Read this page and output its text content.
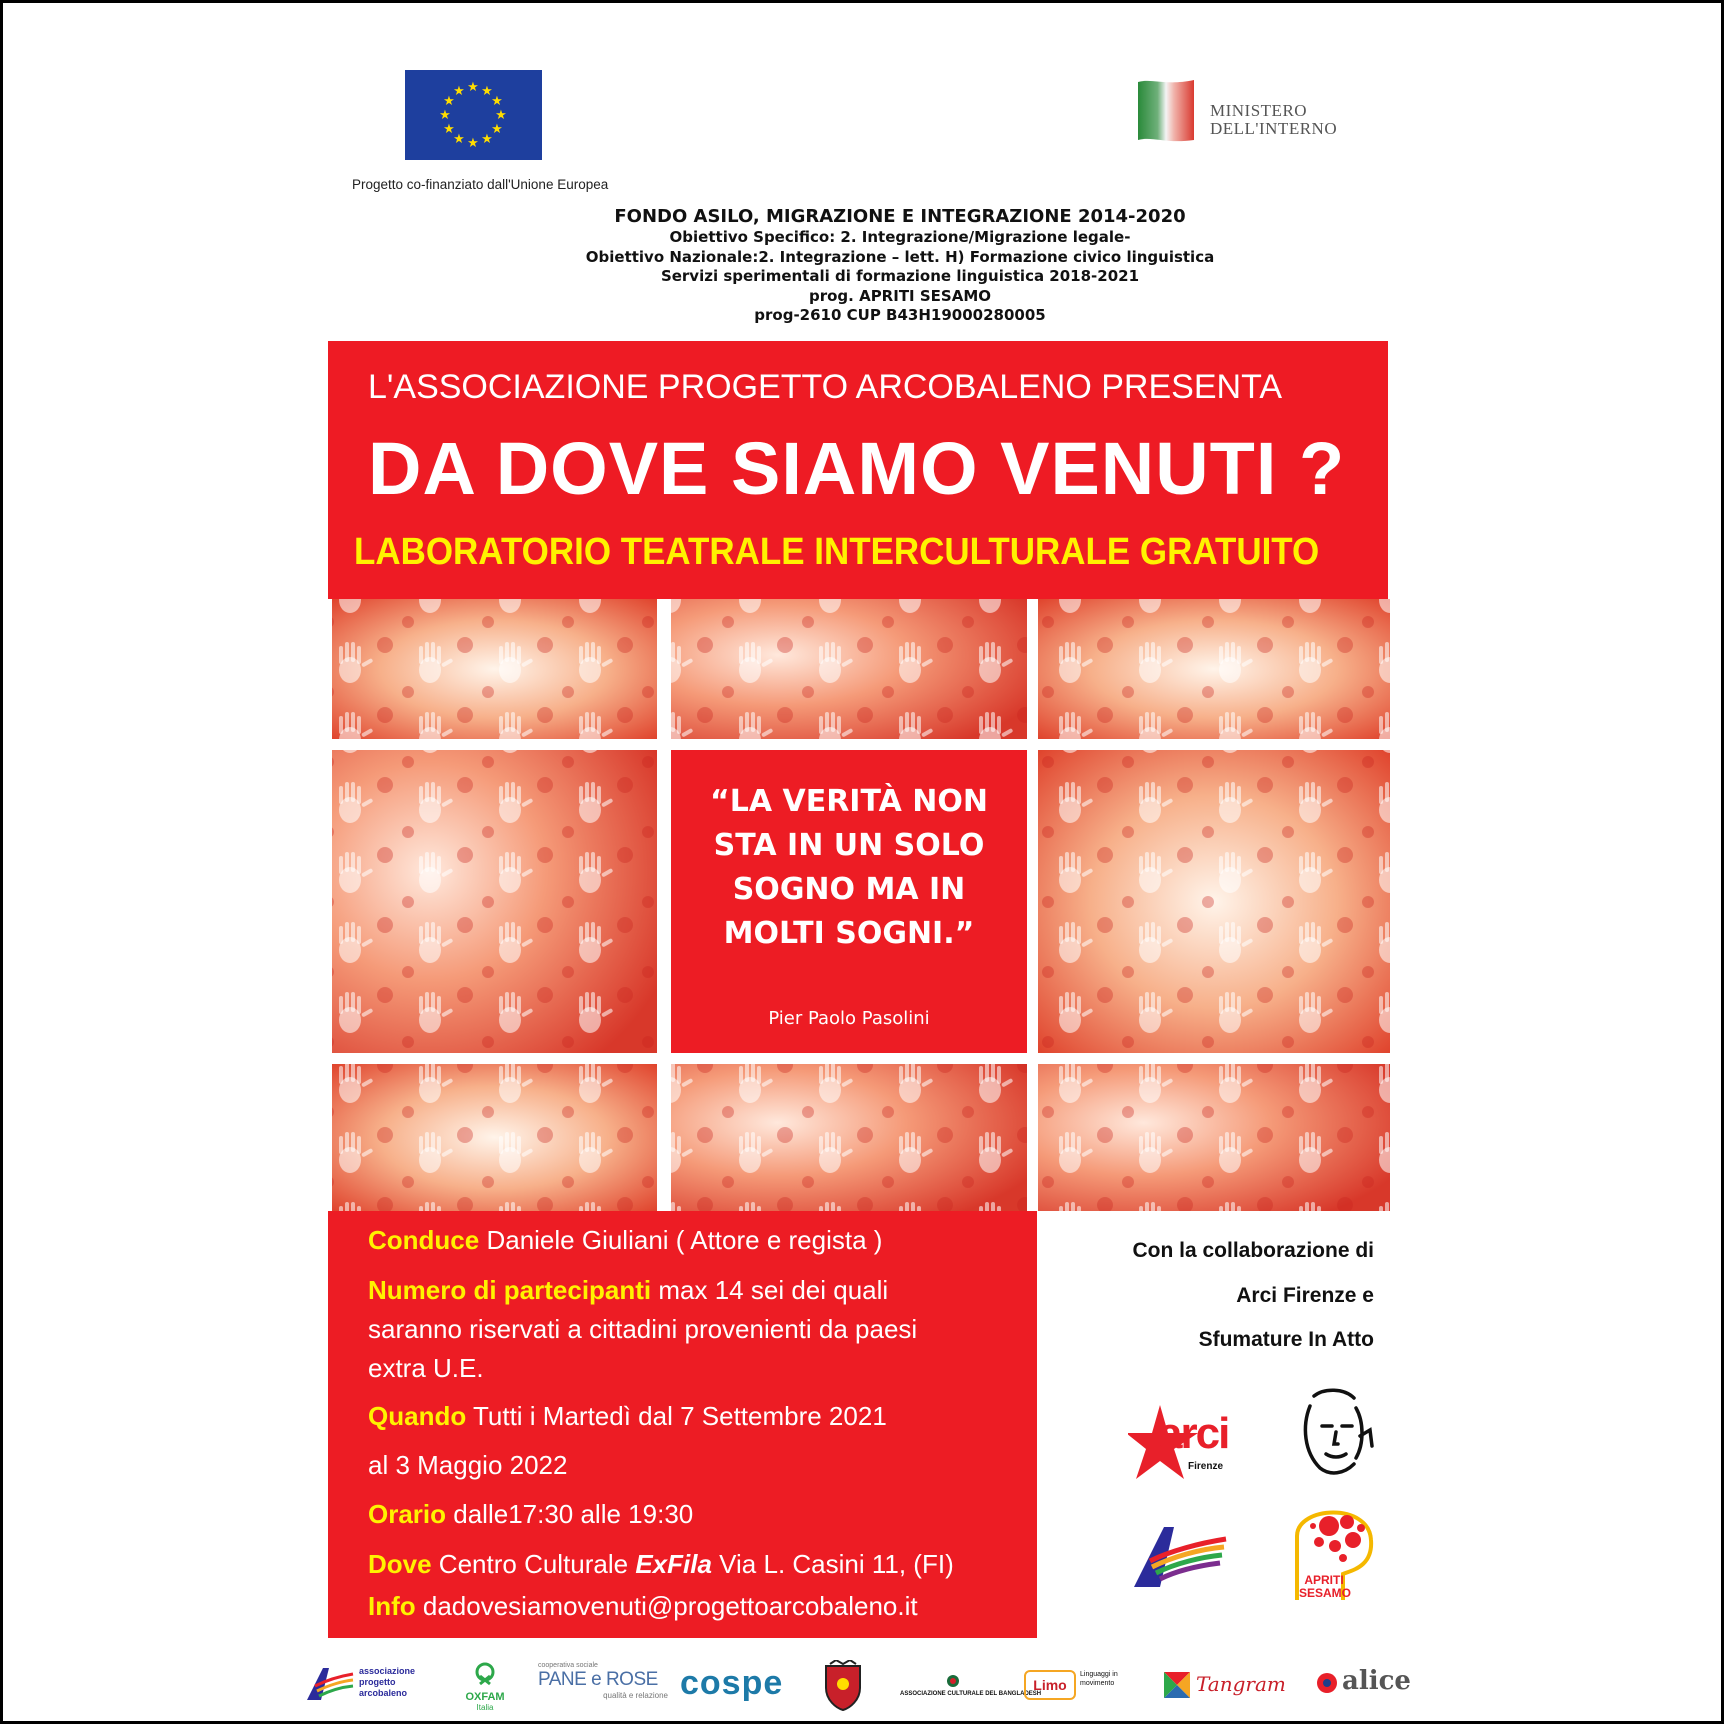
★ ★
★
★
★
★
★
★
★
★
★
★
Progetto co-finanziato dall'Unione Europea
MINISTERO
DELL'INTERNO
FONDO ASILO, MIGRAZIONE E INTEGRAZIONE 2014-2020
Obiettivo Specifico: 2. Integrazione/Migrazione legale-
Obiettivo Nazionale:2. Integrazione – lett. H) Formazione civico linguistica
Servizi sperimentali di formazione linguistica 2018-2021
prog. APRITI SESAMO
prog-2610 CUP B43H19000280005
L'ASSOCIAZIONE PROGETTO ARCOBALENO PRESENTA
DA DOVE SIAMO VENUTI ?
LABORATORIO TEATRALE INTERCULTURALE GRATUITO
“LA VERITÀ NON
STA IN UN SOLO
SOGNO MA IN
MOLTI SOGNI.”
Pier Paolo Pasolini
Conduce Daniele Giuliani ( Attore e regista )
Numero di partecipanti max 14 sei dei quali
saranno riservati a cittadini provenienti da paesi
extra U.E.
Quando Tutti i Martedì dal 7 Settembre 2021
al 3 Maggio 2022
Orario dalle17:30 alle 19:30
Dove Centro Culturale ExFila Via L. Casini 11, (FI)
Info dadovesiamovenuti@progettoarcobaleno.it
Con la collaborazione di
Arci Firenze e
Sfumature In Atto
arci
Firenze
APRITI
SESAMO
associazione
progetto
arcobaleno	OXFAM
Italia
cooperativa sociale
PANE e ROSE
qualità e relazione cospe	ASSOCIAZIONE CULTURALE DEL BANGLADESH
Limo
Linguaggi in movimento	Tangram alice
